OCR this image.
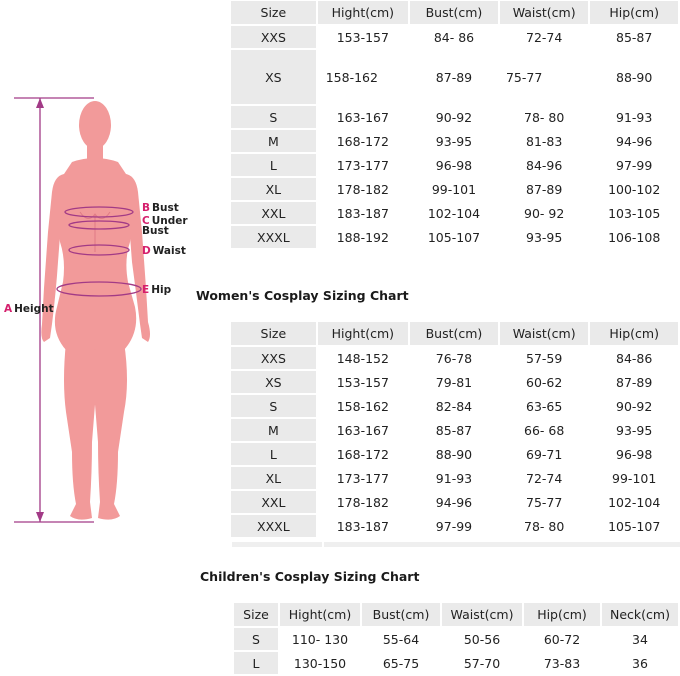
A Height
B Bust
C Under Bust
D Waist
E Hip
Size	Hight(cm)	Bust(cm)	Waist(cm)	Hip(cm)
XXS	153-157	84- 86	72-74	85-87
XS	158-162	87-89	75-77	88-90
S	163-167	90-92	78- 80	91-93
M	168-172	93-95	81-83	94-96
L	173-177	96-98	84-96	97-99
XL	178-182	99-101	87-89	100-102
XXL	183-187	102-104	90- 92	103-105
XXXL	188-192	105-107	93-95	106-108
Women's Cosplay Sizing Chart
Size	Hight(cm)	Bust(cm)	Waist(cm)	Hip(cm)
XXS	148-152	76-78	57-59	84-86
XS	153-157	79-81	60-62	87-89
S	158-162	82-84	63-65	90-92
M	163-167	85-87	66- 68	93-95
L	168-172	88-90	69-71	96-98
XL	173-177	91-93	72-74	99-101
XXL	178-182	94-96	75-77	102-104
XXXL	183-187	97-99	78- 80	105-107
Children's Cosplay Sizing Chart
Size	Hight(cm)	Bust(cm)	Waist(cm)	Hip(cm)	Neck(cm)
S	110- 130	55-64	50-56	60-72	34
L	130-150	65-75	57-70	73-83	36
